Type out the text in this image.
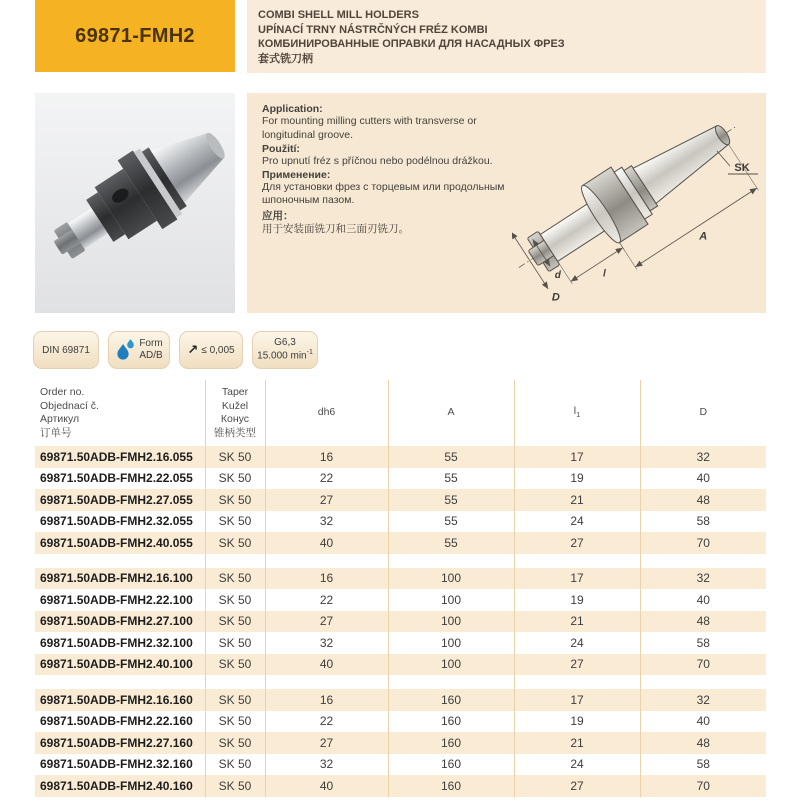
69871-FMH2
COMBI SHELL MILL HOLDERS
UPÍNACÍ TRNY NÁSTRČNÝCH FRÉZ KOMBI
КОМБИНИРОВАННЫЕ ОПРАВКИ ДЛЯ НАСАДНЫХ ФРЕЗ
套式铣刀柄
Application:
For mounting milling cutters with transverse or longitudinal groove.
Použití:
Pro upnutí fréz s příčnou nebo podélnou drážkou.
Применение:
Для установки фрез с торцевым или продольным шпоночным пазом.
应用：
用于安装面铣刀和三面刃铣刀。
D
d	l
A
SK
DIN 69871
Form
AD/B ↗ ≤ 0,005
G6,3
15.000 $\min^{-1}$
Order no.
Objednací č.
Артикул
订单号

Taper
Kužel
Конус
锥柄类型
	dh6	A	$l_1$	D
69871.50ADB-FMH2.16.055	SK 50	16	55	17	32
69871.50ADB-FMH2.22.055	SK 50	22	55	19	40
69871.50ADB-FMH2.27.055	SK 50	27	55	21	48
69871.50ADB-FMH2.32.055	SK 50	32	55	24	58
69871.50ADB-FMH2.40.055	SK 50	40	55	27	70

69871.50ADB-FMH2.16.100	SK 50	16	100	17	32
69871.50ADB-FMH2.22.100	SK 50	22	100	19	40
69871.50ADB-FMH2.27.100	SK 50	27	100	21	48
69871.50ADB-FMH2.32.100	SK 50	32	100	24	58
69871.50ADB-FMH2.40.100	SK 50	40	100	27	70

69871.50ADB-FMH2.16.160	SK 50	16	160	17	32
69871.50ADB-FMH2.22.160	SK 50	22	160	19	40
69871.50ADB-FMH2.27.160	SK 50	27	160	21	48
69871.50ADB-FMH2.32.160	SK 50	32	160	24	58
69871.50ADB-FMH2.40.160	SK 50	40	160	27	70
